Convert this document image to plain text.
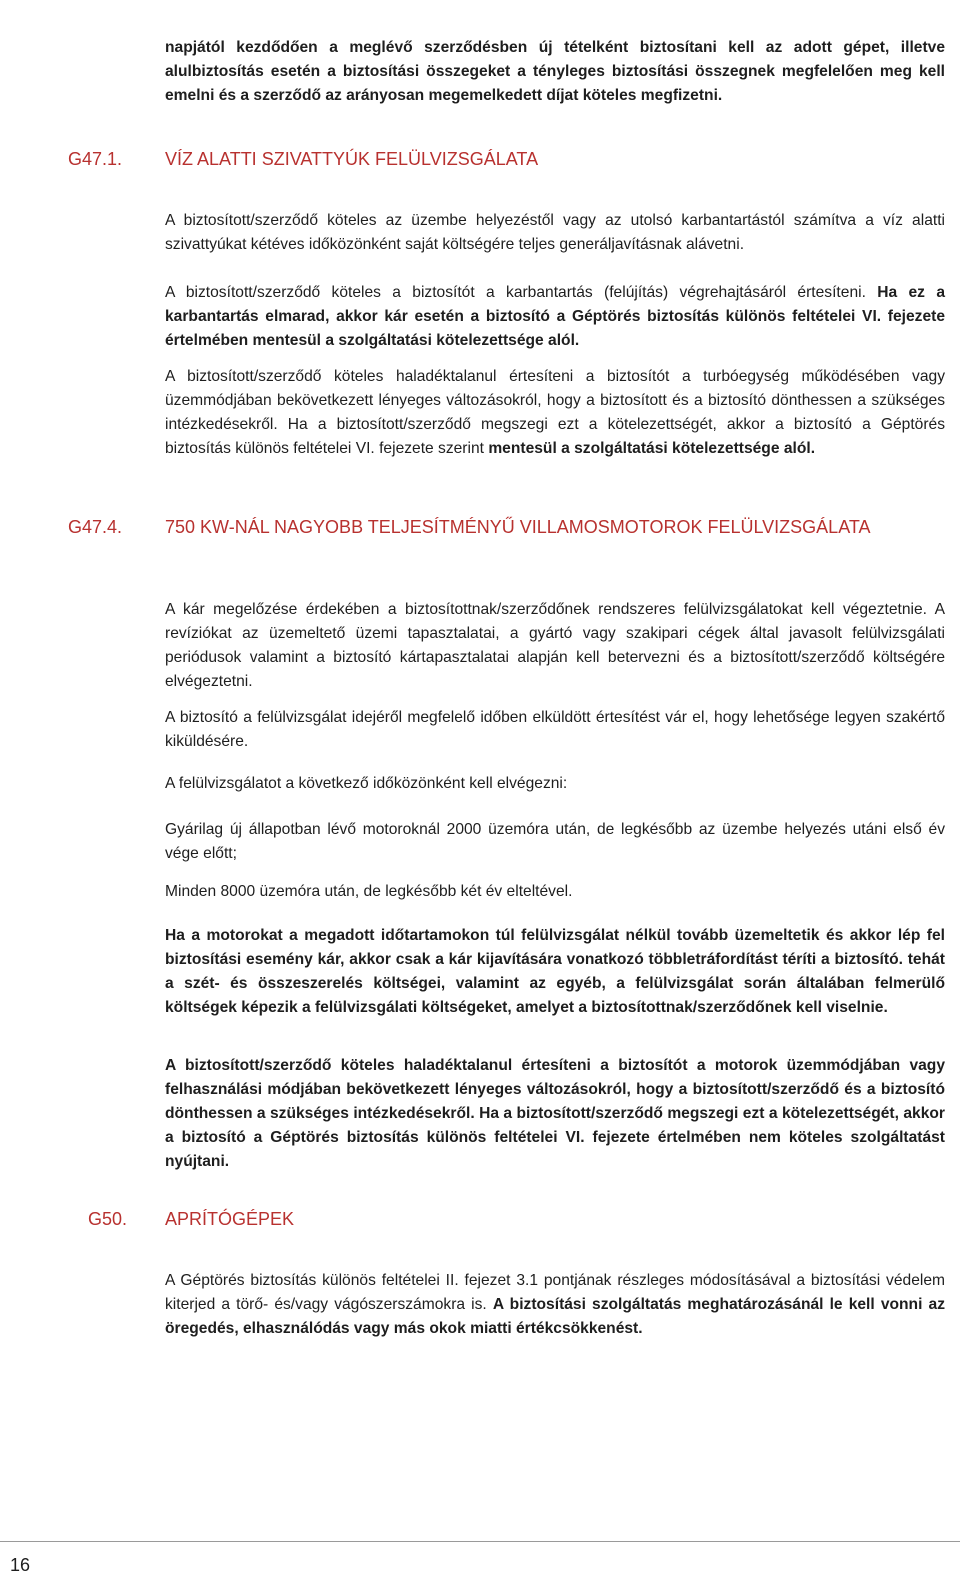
napjától kezdődően a meglévő szerződésben új tételként biztosítani kell az adott gépet, illetve alulbiztosítás esetén a biztosítási összegeket a tényleges biztosítási összegnek megfelelően meg kell emelni és a szerződő az arányosan megemelkedett díjat köteles megfizetni.

G47.1. VÍZ ALATTI SZIVATTYÚK FELÜLVIZSGÁLATA

A biztosított/szerződő köteles az üzembe helyezéstől vagy az utolsó karbantartástól számítva a víz alatti szivattyúkat kétéves időközönként saját költségére teljes generáljavításnak alávetni.

A biztosított/szerződő köteles a biztosítót a karbantartás (felújítás) végrehajtásáról értesíteni. Ha ez a karbantartás elmarad, akkor kár esetén a biztosító a Géptörés biztosítás különös feltételei VI. fejezete értelmében mentesül a szolgáltatási kötelezettsége alól.

A biztosított/szerződő köteles haladéktalanul értesíteni a biztosítót a turbóegység működésében vagy üzemmódjában bekövetkezett lényeges változásokról, hogy a biztosított és a biztosító dönthessen a szükséges intézkedésekről. Ha a biztosított/szerződő megszegi ezt a kötelezettségét, akkor a biztosító a Géptörés biztosítás különös feltételei VI. fejezete szerint mentesül a szolgáltatási kötelezettsége alól.

G47.4. 750 KW-NÁL NAGYOBB TELJESÍTMÉNYŰ VILLAMOSMOTOROK FELÜLVIZSGÁLATA

A kár megelőzése érdekében a biztosítottnak/szerződőnek rendszeres felülvizsgálatokat kell végeztetnie. A revíziókat az üzemeltető üzemi tapasztalatai, a gyártó vagy szakipari cégek által javasolt felülvizsgálati periódusok valamint a biztosító kártapasztalatai alapján kell betervezni és a biztosított/szerződő költségére elvégeztetni.

A biztosító a felülvizsgálat idejéről megfelelő időben elküldött értesítést vár el, hogy lehetősége legyen szakértő kiküldésére.

A felülvizsgálatot a következő időközönként kell elvégezni:

Gyárilag új állapotban lévő motoroknál 2000 üzemóra után, de legkésőbb az üzembe helyezés utáni első év vége előtt;

Minden 8000 üzemóra után, de legkésőbb két év elteltével.

Ha a motorokat a megadott időtartamokon túl felülvizsgálat nélkül tovább üzemeltetik és akkor lép fel biztosítási esemény kár, akkor csak a kár kijavítására vonatkozó többletráfordítást téríti a biztosító. tehát a szét- és összeszerelés költségei, valamint az egyéb, a felülvizsgálat során általában felmerülő költségek képezik a felülvizsgálati költségeket, amelyet a biztosítottnak/szerződőnek kell viselnie.

A biztosított/szerződő köteles haladéktalanul értesíteni a biztosítót a motorok üzemmódjában vagy felhasználási módjában bekövetkezett lényeges változásokról, hogy a biztosított/szerződő és a biztosító dönthessen a szükséges intézkedésekről. Ha a biztosított/szerződő megszegi ezt a kötelezettségét, akkor a biztosító a Géptörés biztosítás különös feltételei VI. fejezete értelmében nem köteles szolgáltatást nyújtani.

G50. APRÍTÓGÉPEK

A Géptörés biztosítás különös feltételei II. fejezet 3.1 pontjának részleges módosításával a biztosítási védelem kiterjed a törő- és/vagy vágószerszámokra is. A biztosítási szolgáltatás meghatározásánál le kell vonni az öregedés, elhasználódás vagy más okok miatti értékcsökkenést.

16
